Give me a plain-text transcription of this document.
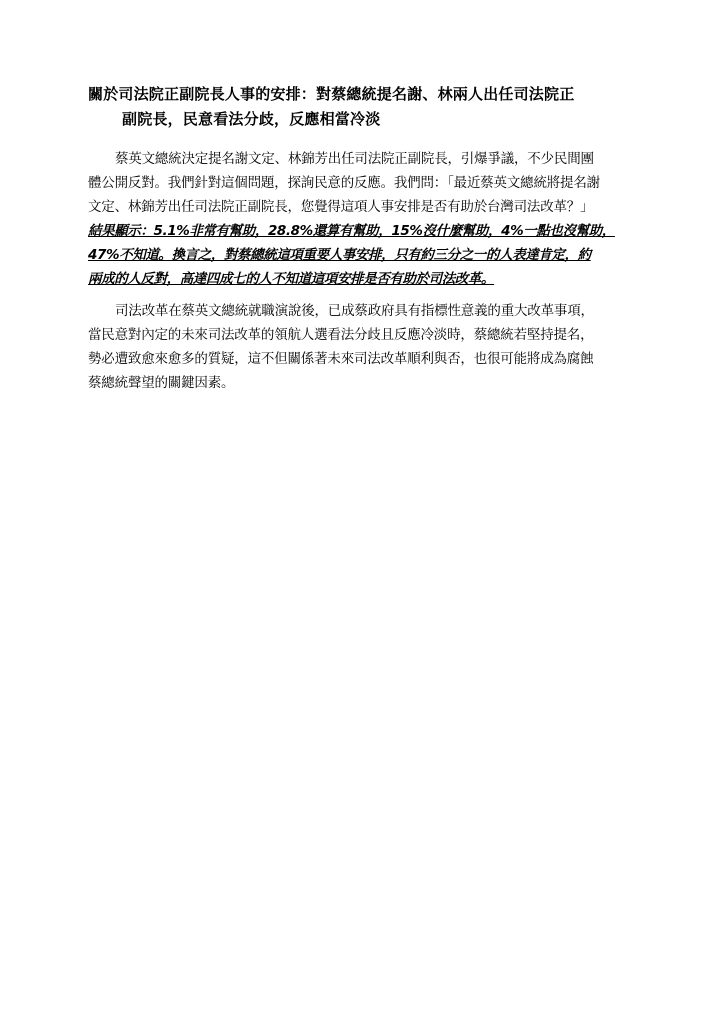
關於司法院正副院長人事的安排：對蔡總統提名謝、林兩人出任司法院正
副院長，民意看法分歧，反應相當冷淡
蔡英文總統決定提名謝文定、林錦芳出任司法院正副院長，引爆爭議，不少民間團
體公開反對。我們針對這個問題，探詢民意的反應。我們問：「最近蔡英文總統將提名謝
文定、林錦芳出任司法院正副院長，您覺得這項人事安排是否有助於台灣司法改革？」
結果顯示：5.1%非常有幫助，28.8%還算有幫助，15%沒什麼幫助，4%一點也沒幫助，
47%不知道。換言之，對蔡總統這項重要人事安排，只有約三分之一的人表達肯定，約
兩成的人反對，高達四成七的人不知道這項安排是否有助於司法改革。
司法改革在蔡英文總統就職演說後，已成蔡政府具有指標性意義的重大改革事項，
當民意對內定的未來司法改革的領航人選看法分歧且反應冷淡時，蔡總統若堅持提名，
勢必遭致愈來愈多的質疑，這不但關係著未來司法改革順利與否，也很可能將成為腐蝕
蔡總統聲望的關鍵因素。
